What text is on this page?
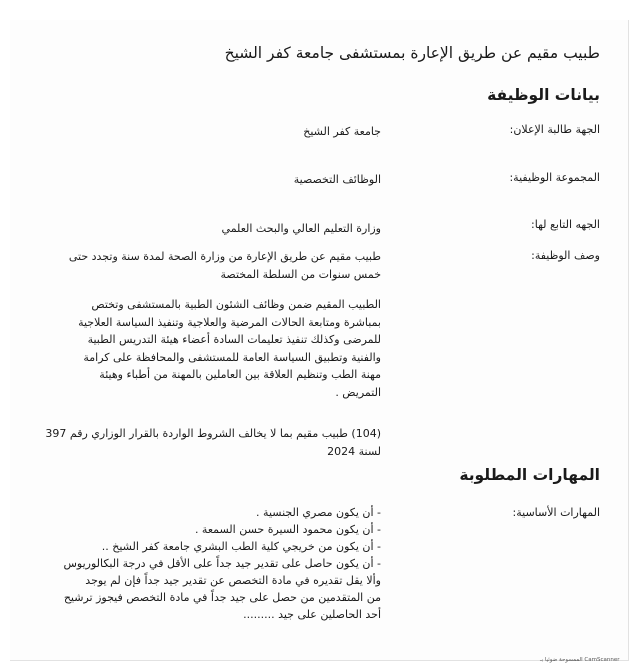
طبيب مقيم عن طريق الإعارة بمستشفى جامعة كفر الشيخ
بيانات الوظيفة
الجهة طالبة الإعلان:
جامعة كفر الشيخ
المجموعة الوظيفية:
الوظائف التخصصية
الجهه التابع لها:
وزارة التعليم العالي والبحث العلمي
وصف الوظيفة:

طبيب مقيم عن طريق الإعارة من وزارة الصحة لمدة سنة وتجدد حتى

خمس سنوات من السلطة المختصة

الطبيب المقيم ضمن وظائف الشئون الطبية بالمستشفى وتختص

بمباشرة ومتابعة الحالات المرضية والعلاجية وتنفيذ السياسة العلاجية

للمرضى وكذلك تنفيذ تعليمات السادة أعضاء هيئة التدريس الطبية

والفنية وتطبيق السياسة العامة للمستشفى والمحافظة على كرامة

مهنة الطب وتنظيم العلاقة بين العاملين بالمهنة من أطباء وهيئة

التمريض .

(104) طبيب مقيم بما لا يخالف الشروط الواردة بالقرار الوزاري رقم 397

لسنة 2024

المهارات المطلوبة
المهارات الأساسية:

- أن يكون مصري الجنسية .

- أن يكون محمود السيرة حسن السمعة .

- أن يكون من خريجي كلية الطب البشري جامعة كفر الشيخ ..

- أن يكون حاصل على تقدير جيد جداً على الأقل في درجة البكالوريوس

وألا يقل تقديره في مادة التخصص عن تقدير جيد جداً فإن لم يوجد

من المتقدمين من حصل على جيد جداً في مادة التخصص فيجوز ترشيح

أحد الحاصلين على جيد .........

الممسوحة ضوئيا بـ CamScanner
